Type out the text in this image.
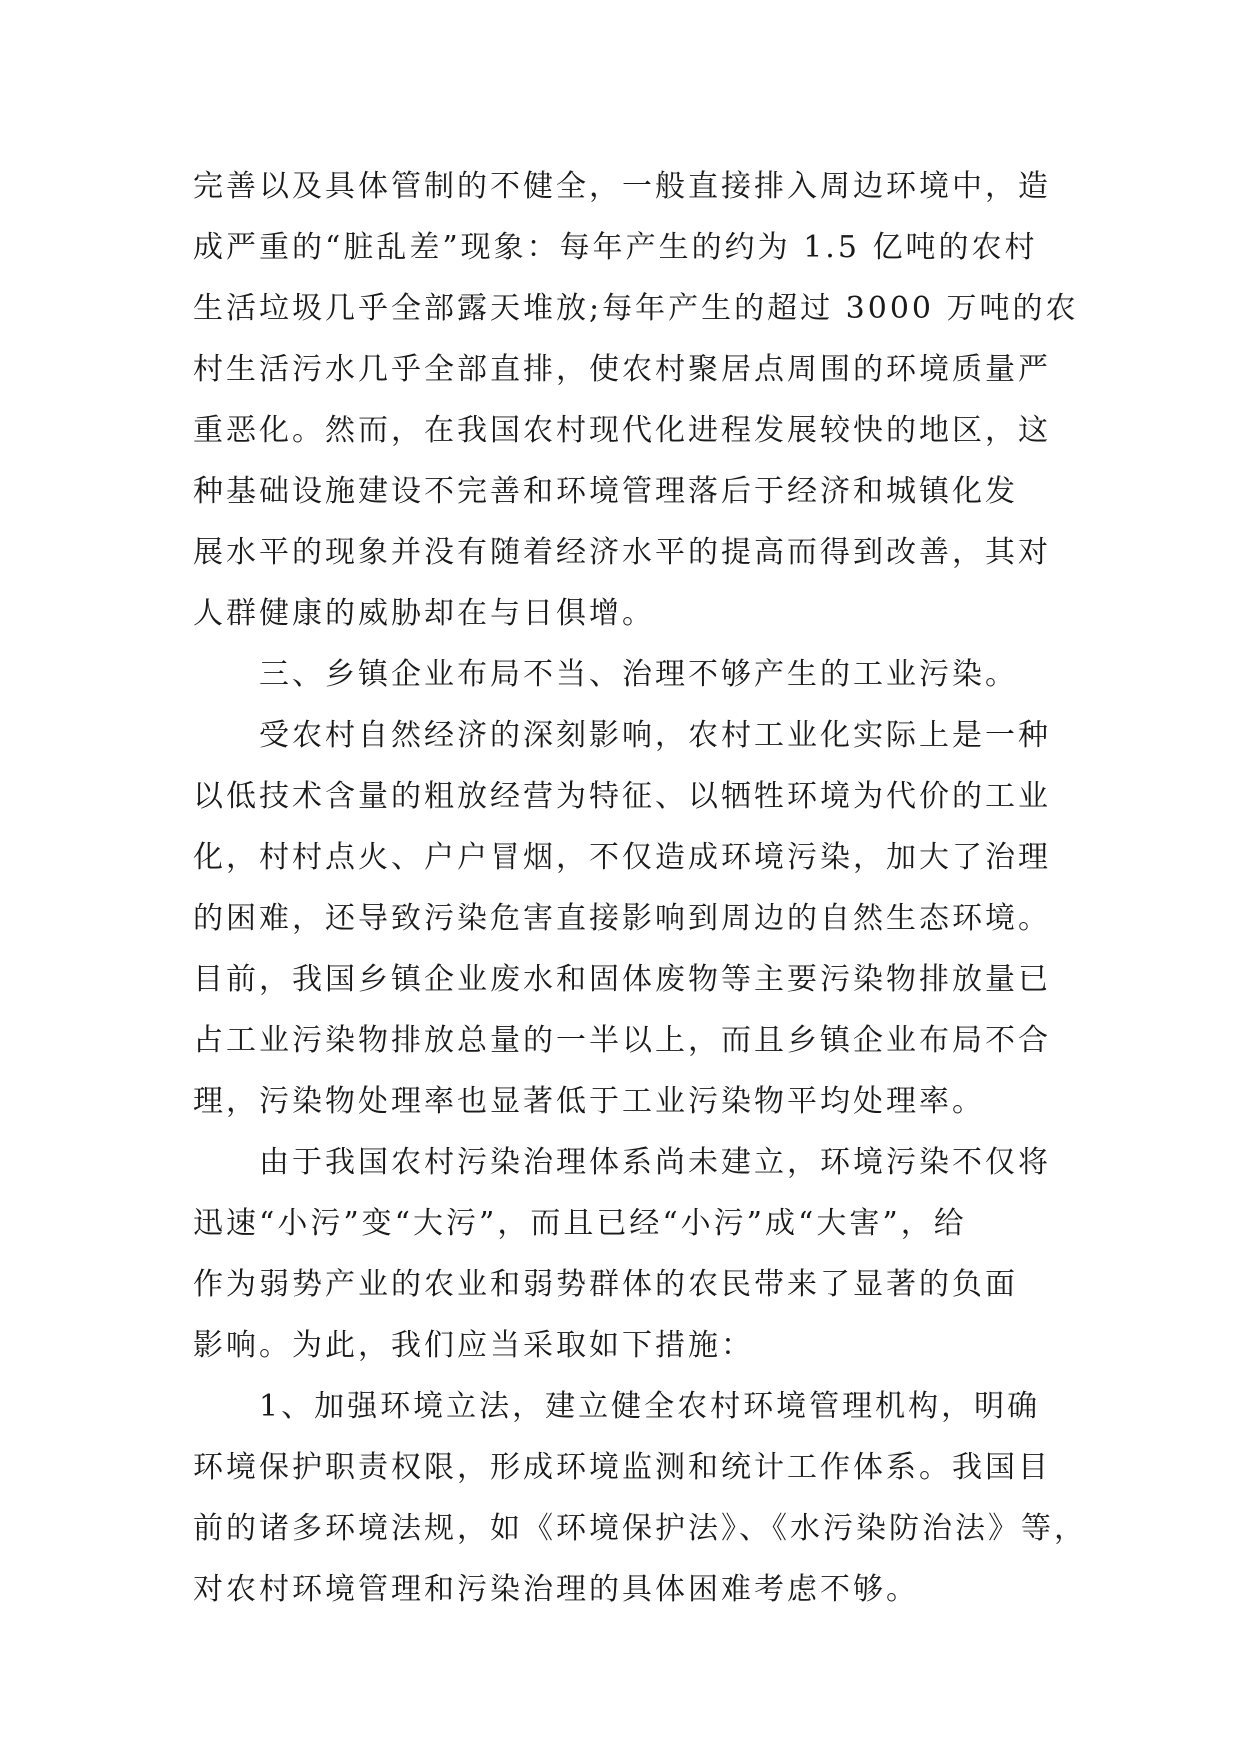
完善以及具体管制的不健全，一般直接排入周边环境中，造
成严重的“脏乱差”现象：每年产生的约为 1.5 亿吨的农村
生活垃圾几乎全部露天堆放;每年产生的超过 3000 万吨的农
村生活污水几乎全部直排，使农村聚居点周围的环境质量严
重恶化。然而，在我国农村现代化进程发展较快的地区，这
种基础设施建设不完善和环境管理落后于经济和城镇化发
展水平的现象并没有随着经济水平的提高而得到改善，其对
人群健康的威胁却在与日俱增。
　　三、乡镇企业布局不当、治理不够产生的工业污染。
　　受农村自然经济的深刻影响，农村工业化实际上是一种
以低技术含量的粗放经营为特征、以牺牲环境为代价的工业
化，村村点火、户户冒烟，不仅造成环境污染，加大了治理
的困难，还导致污染危害直接影响到周边的自然生态环境。
目前，我国乡镇企业废水和固体废物等主要污染物排放量已
占工业污染物排放总量的一半以上，而且乡镇企业布局不合
理，污染物处理率也显著低于工业污染物平均处理率。
　　由于我国农村污染治理体系尚未建立，环境污染不仅将
迅速“小污”变“大污”，而且已经“小污”成“大害”，给
作为弱势产业的农业和弱势群体的农民带来了显著的负面
影响。为此，我们应当采取如下措施：
　　1、加强环境立法，建立健全农村环境管理机构，明确
环境保护职责权限，形成环境监测和统计工作体系。我国目
前的诸多环境法规，如《环境保护法》、《水污染防治法》等，
对农村环境管理和污染治理的具体困难考虑不够。
